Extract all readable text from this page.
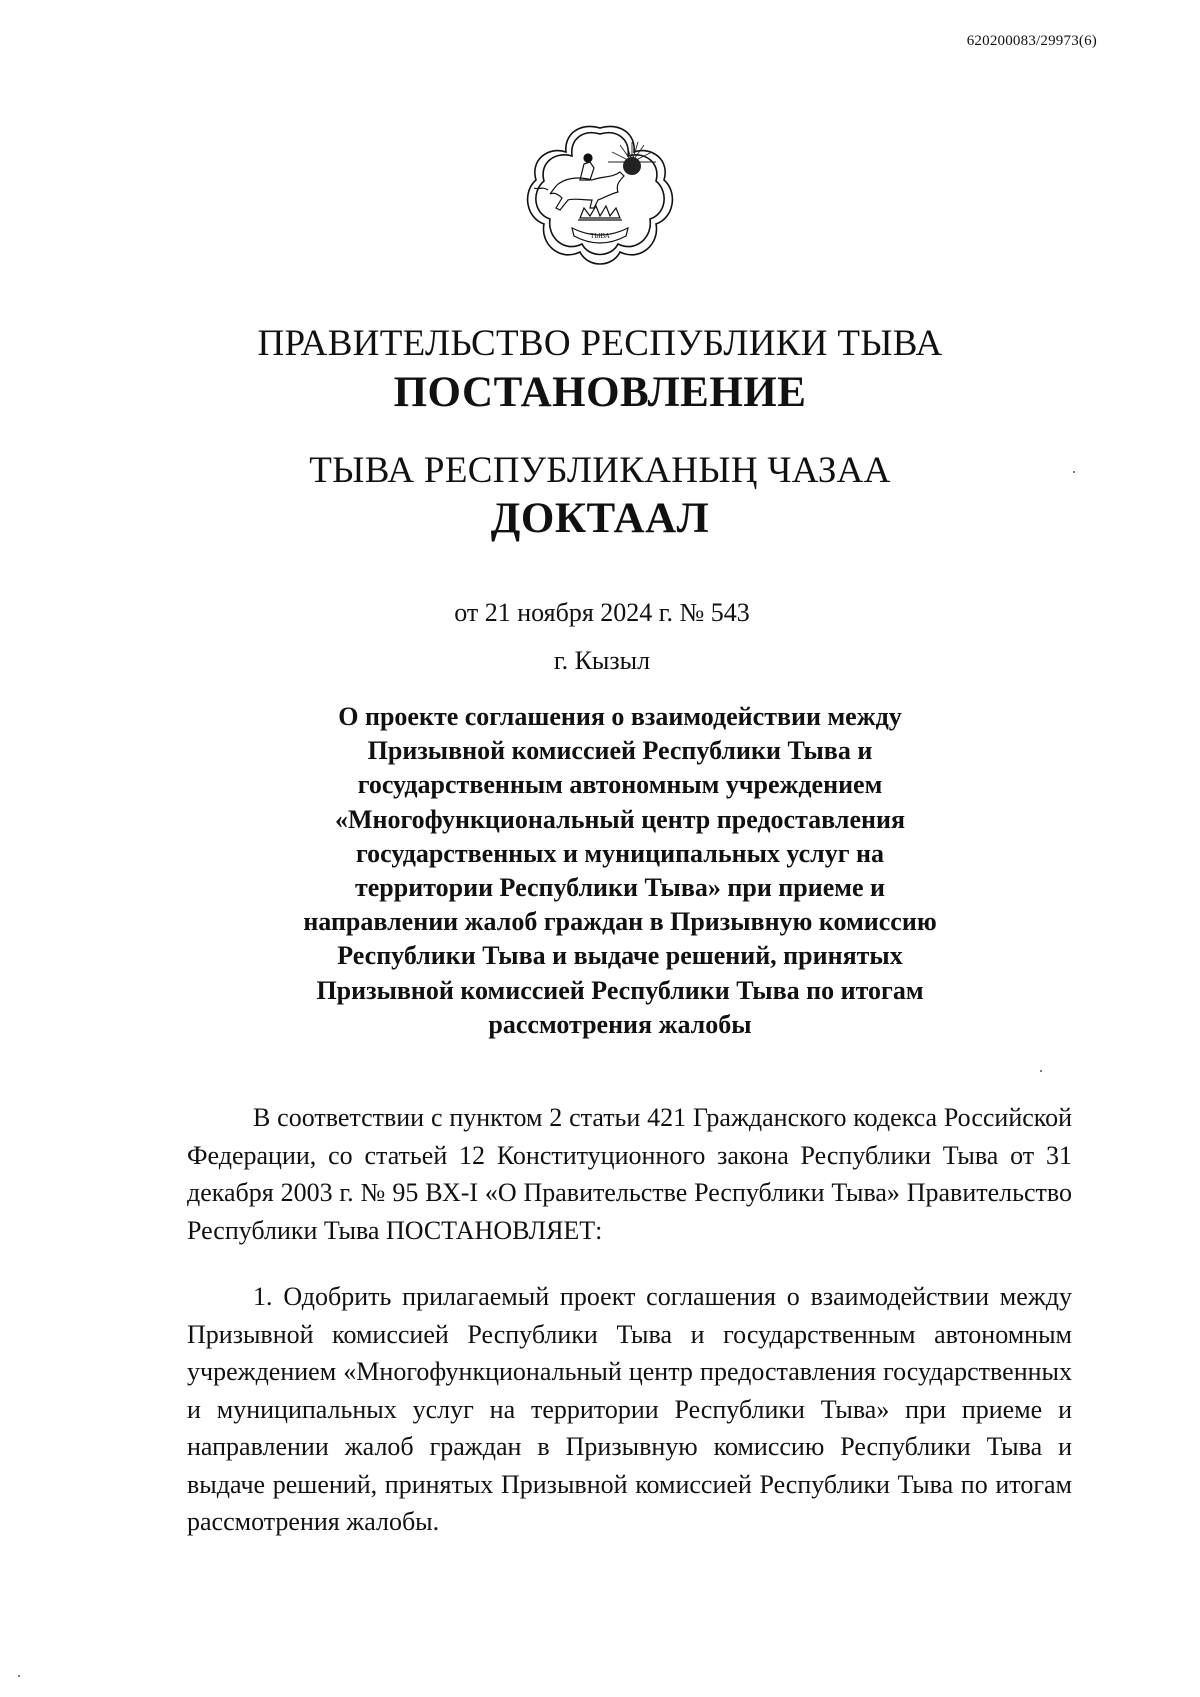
620200083/29973(6)
ТЫВА
ПРАВИТЕЛЬСТВО РЕСПУБЛИКИ ТЫВА
ПОСТАНОВЛЕНИЕ
ТЫВА РЕСПУБЛИКАНЫҢ ЧАЗАА
ДОКТААЛ
от 21 ноября 2024 г. № 543
г. Кызыл
О проекте соглашения о взаимодействии между Призывной комиссией Республики Тыва и государственным автономным учреждением «Многофункциональный центр предоставления государственных и муниципальных услуг на территории Республики Тыва» при приеме и направлении жалоб граждан в Призывную комиссию Республики Тыва и выдаче решений, принятых Призывной комиссией Республики Тыва по итогам рассмотрения жалобы
В соответствии с пунктом 2 статьи 421 Гражданского кодекса Российской Федерации, со статьей 12 Конституционного закона Республики Тыва от 31 декабря 2003 г. № 95 ВХ-I «О Правительстве Республики Тыва» Правительство Республики Тыва ПОСТАНОВЛЯЕТ:
1. Одобрить прилагаемый проект соглашения о взаимодействии между Призывной комиссией Республики Тыва и государственным автономным учреждением «Многофункциональный центр предоставления государственных и муниципальных услуг на территории Республики Тыва» при приеме и направлении жалоб граждан в Призывную комиссию Республики Тыва и выдаче решений, принятых Призывной комиссией Республики Тыва по итогам рассмотрения жалобы.
